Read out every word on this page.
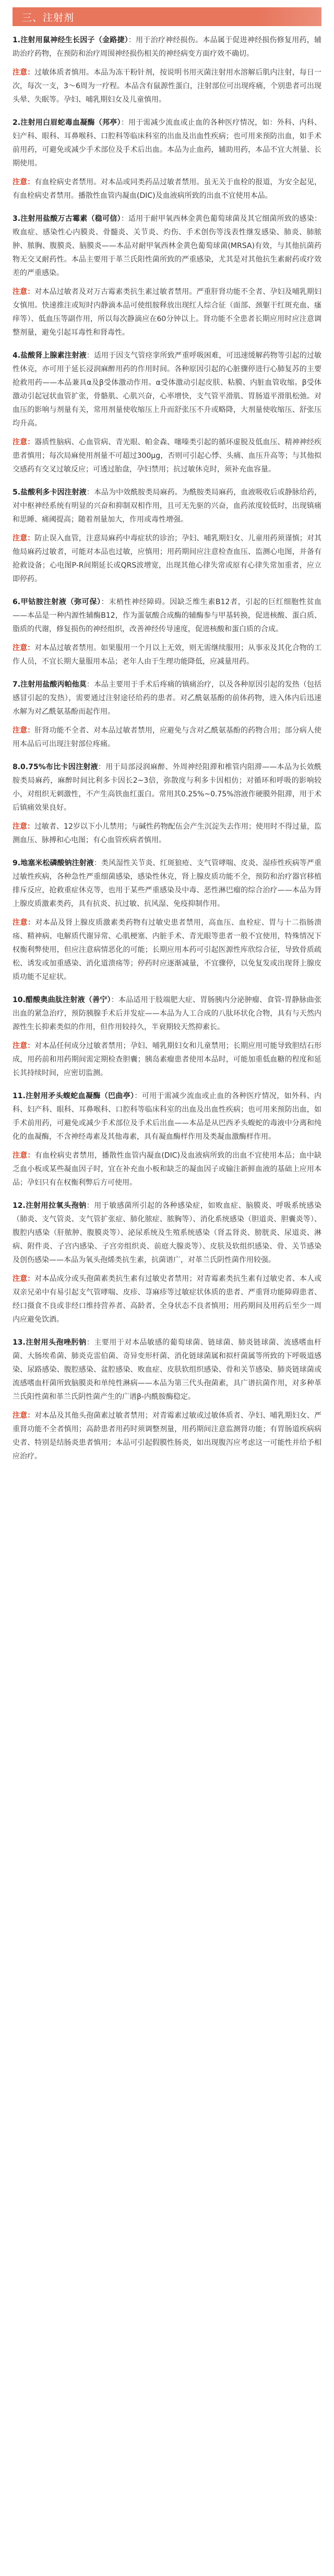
三、注射剂

1.注射用鼠神经生长因子（金路捷）：用于治疗神经损伤。本品属于促进神经损伤修复用药，辅助治疗药物，在预防和治疗周围神经损伤相关的神经病变方面疗效不确切。

注意：过敏体质者慎用。本品为冻干粉针剂，按说明书用灭菌注射用水溶解后肌内注射，每日一次，每次一支，3～6周为一疗程。本品含有鼠源性蛋白，注射部位可出现疼痛，个别患者可出现头晕、失眠等。孕妇、哺乳期妇女及儿童慎用。

2.注射用白眉蛇毒血凝酶（邦亭）：用于需减少流血或止血的各种医疗情况，如：外科、内科、妇产科、眼科、耳鼻喉科、口腔科等临床科室的出血及出血性疾病；也可用来预防出血，如手术前用药，可避免或减少手术部位及手术后出血。本品为止血药，辅助用药，本品不宜大剂量、长期使用。

注意：有血栓病史者禁用。对本品或同类药品过敏者禁用。虽无关于血栓的报道，为安全起见，有血栓病史者禁用。播散性血管内凝血(DIC)及血液病所致的出血不宜使用本品。

3.注射用盐酸万古霉素（稳可信）：适用于耐甲氧西林金黄色葡萄球菌及其它细菌所致的感染：败血症、感染性心内膜炎、骨髓炎、关节炎、灼伤、手术创伤等浅表性继发感染、肺炎、肺脓肿、脓胸、腹膜炎、脑膜炎——本品对耐甲氧西林金黄色葡萄球菌(MRSA)有效，与其他抗菌药物无交叉耐药性。本品主要用于革兰氏阳性菌所致的严重感染，尤其是对其他抗生素耐药或疗效差的严重感染。

注意：对本品过敏者及对万古霉素类抗生素过敏者禁用。严重肝肾功能不全者、孕妇及哺乳期妇女慎用。快速推注或短时内静滴本品可使组胺释放出现红人综合征（面部、颈躯干红斑充血、瘙痒等）、低血压等副作用，所以每次静滴应在60分钟以上。肾功能不全患者长期应用时应注意调整剂量，避免引起耳毒性和肾毒性。

4.盐酸肾上腺素注射液：适用于因支气管痉挛所致严重呼吸困难，可迅速缓解药物等引起的过敏性休克，亦可用于延长浸润麻醉用药的作用时间。各种原因引起的心脏骤停进行心肺复苏的主要抢救用药——本品兼具α及β受体激动作用。α受体激动引起皮肤、粘膜、内脏血管收缩。β受体激动引起冠状血管扩张，骨骼肌、心肌兴奋，心率增快，支气管平滑肌、胃肠道平滑肌松弛。对血压的影响与剂量有关，常用剂量使收缩压上升而舒张压不升或略降，大剂量使收缩压、舒张压均升高。

注意：器质性脑病、心血管病、青光眼、帕金森、噻嗪类引起的循环虚脱及低血压、精神神经疾患者慎用；每次局麻使用剂量不可超过300μg，否则可引起心悸、头痛、血压升高等；与其他拟交感药有交叉过敏反应；可透过胎盘，孕妇禁用；抗过敏休克时，须补充血容量。

5.盐酸利多卡因注射液：本品为中效酰胺类局麻药。为酰胺类局麻药，血液吸收后或静脉给药，对中枢神经系统有明显的兴奋和抑制双相作用，且可无先驱的兴奋，血药浓度较低时，出现镇痛和思睡、痛阈提高；随着剂量加大，作用或毒性增强。

注意：防止误入血管，注意局麻药中毒症状的诊治；孕妇、哺乳期妇女、儿童用药须谨慎；对其他局麻药过敏者，可能对本品也过敏，应慎用；用药期间应注意检查血压、监测心电图，并备有抢救设备；心电图P-R间期延长或QRS波增宽，出现其他心律失常或原有心律失常加重者，应立即停药。

6.甲钴胺注射液（弥可保）：末梢性神经障碍。因缺乏维生素B12者，引起的巨红细胞性贫血——本品是一种内源性辅酶B12，作为蛋氨酸合成酶的辅酶参与甲基转换，促进核酸、蛋白质、脂质的代谢，修复损伤的神经组织，改善神经传导速度，促进核酸和蛋白质的合成。

注意：对本品过敏者禁用。如果服用一个月以上无效，则无需继续服用；从事汞及其化合物的工作人员，不宜长期大量服用本品；老年人由于生理功能降低，应减量用药。

7.注射用盐酸丙帕他莫：本品主要用于手术后疼痛的镇痛治疗，以及各种原因引起的发热（包括感冒引起的发热），需要通过注射途径给药的患者。对乙酰氨基酚的前体药物，进入体内后迅速水解为对乙酰氨基酚而起作用。

注意：肝肾功能不全者、对本品过敏者禁用，应避免与含对乙酰氨基酚的药物合用；部分病人使用本品后可出现注射部位疼痛。

8.0.75%布比卡因注射液：用于局部浸润麻醉、外周神经阻滞和椎管内阻滞——本品为长效酰胺类局麻药，麻醉时间比利多卡因长2~3倍，弥散度与利多卡因相仿；对循环和呼吸的影响较小，对组织无刺激性，不产生高铁血红蛋白。常用其0.25%~0.75%溶液作硬膜外阻滞，用于术后镇痛效果良好。

注意：过敏者、12岁以下小儿禁用；与碱性药物配伍会产生沉淀失去作用；使用时不得过量，监测血压、脉搏和心电图；有心血管疾病者慎用。

9.地塞米松磷酸钠注射液：类风湿性关节炎、红斑狼疮、支气管哮喘、皮炎、湿疹性疾病等严重过敏性疾病，各种急性严重细菌感染，感染性休克，肾上腺皮质功能不全，预防和治疗器官移植排斥反应，抢救重症休克等，也用于某些严重感染及中毒、恶性淋巴瘤的综合治疗——本品为肾上腺皮质激素类药，具有抗炎、抗过敏、抗风湿、免疫抑制作用。

注意：对本品及肾上腺皮质激素类药物有过敏史患者禁用，高血压、血栓症、胃与十二指肠溃疡、精神病、电解质代谢异常、心肌梗塞、内脏手术、青光眼等患者一般不宜使用，特殊情况下权衡利弊使用，但应注意病情恶化的可能；长期应用本药可引起医源性库欣综合征，导致骨质疏松、诱发或加重感染、消化道溃疡等；停药时应逐渐减量，不宜骤停，以免复发或出现肾上腺皮质功能不足症状。

10.醋酸奥曲肽注射液（善宁）：本品适用于肢端肥大症、胃肠胰内分泌肿瘤、食管-胃静脉曲张出血的紧急治疗，预防胰腺手术后并发症——本品为人工合成的八肽环状化合物，具有与天然内源性生长抑素类似的作用，但作用较持久，半衰期较天然抑素长。

注意：对本品任何成分过敏者禁用；孕妇、哺乳期妇女和儿童禁用；长期应用可能导致胆结石形成，用药前和用药期间需定期检查胆囊；胰岛素瘤患者使用本品时，可能加重低血糖的程度和延长其持续时间，应密切监测。

11.注射用矛头蝮蛇血凝酶（巴曲亭）：可用于需减少流血或止血的各种医疗情况，如外科、内科、妇产科、眼科、耳鼻喉科、口腔科等临床科室的出血及出血性疾病；也可用来预防出血，如手术前用药，可避免或减少手术部位及手术后出血——本品是从巴西矛头蝮蛇的毒液中分离和纯化的血凝酶，不含神经毒素及其他毒素，具有凝血酶样作用及类凝血激酶样作用。

注意：有血栓病史者禁用，播散性血管内凝血(DIC)及血液病所致的出血不宜使用本品；血中缺乏血小板或某些凝血因子时，宜在补充血小板和缺乏的凝血因子或输注新鲜血液的基础上应用本品；孕妇只有在权衡利弊后方可使用。

12.注射用拉氧头孢钠：用于敏感菌所引起的各种感染症，如败血症、脑膜炎、呼吸系统感染（肺炎、支气管炎、支气管扩张症、肺化脓症、脓胸等）、消化系统感染（胆道炎、胆囊炎等）、腹腔内感染（肝脓肿、腹膜炎等）、泌尿系统及生殖系统感染（肾盂肾炎、膀胱炎、尿道炎、淋病、附件炎、子宫内感染、子宫旁组织炎、前庭大腺炎等）、皮肤及软组织感染、骨、关节感染及创伤感染——本品为氧头孢烯类抗生素，抗菌谱广，对革兰氏阴性菌作用较强。

注意：对本品成分或头孢菌素类抗生素有过敏史者禁用；对青霉素类抗生素有过敏史者、本人或双亲兄弟中有易引起支气管哮喘、皮疹、荨麻疹等过敏症状体质的患者、严重肾功能障碍患者、经口摄食不良或非经口维持营养者、高龄者、全身状态不良者慎用；用药期间及用药后至少一周内应避免饮酒。

13.注射用头孢唑肟钠：主要用于对本品敏感的葡萄球菌、链球菌、肺炎链球菌、流感嗜血杆菌、大肠埃希菌、肺炎克雷伯菌、奇异变形杆菌、消化链球菌属和拟杆菌属等所致的下呼吸道感染、尿路感染、腹腔感染、盆腔感染、败血症、皮肤软组织感染、骨和关节感染、肺炎链球菌或流感嗜血杆菌所致脑膜炎和单纯性淋病——本品为第三代头孢菌素，具广谱抗菌作用，对多种革兰氏阳性菌和革兰氏阴性菌产生的广谱β-内酰胺酶稳定。

注意：对本品及其他头孢菌素过敏者禁用；对青霉素过敏或过敏体质者、孕妇、哺乳期妇女、严重肾功能不全者慎用；高龄患者用药时须调整剂量，用药期间注意监测肾功能；有胃肠道疾病病史者、特别是结肠炎患者慎用；本品可引起假膜性肠炎，如出现腹泻应考虑这一可能性并给予相应治疗。
